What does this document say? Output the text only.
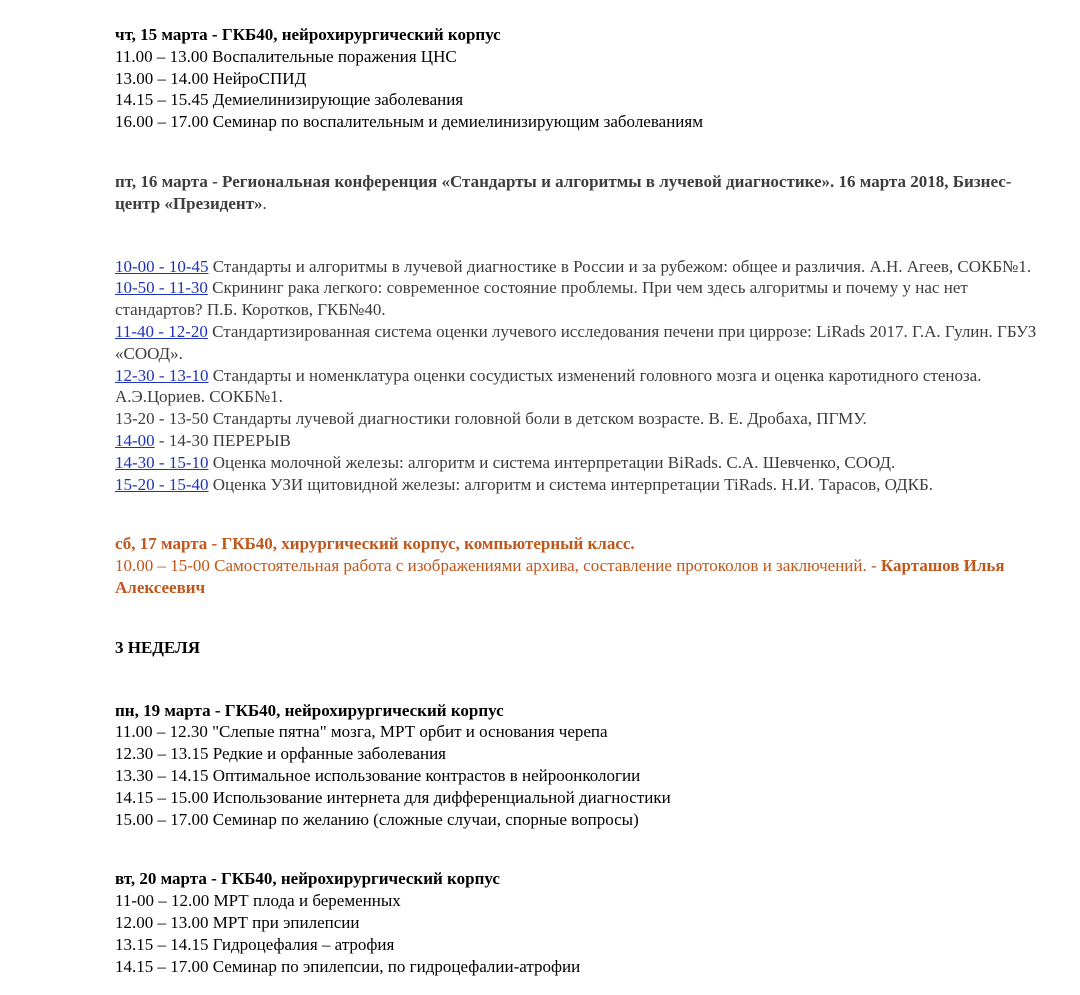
чт, 15 марта - ГКБ40, нейрохирургический корпус
11.00 – 13.00 Воспалительные поражения ЦНС
13.00 – 14.00 НейроСПИД
14.15 – 15.45 Демиелинизирующие заболевания
16.00 – 17.00 Семинар по воспалительным и демиелинизирующим заболеваниям
пт, 16 марта - Региональная конференция «Стандарты и алгоритмы в лучевой диагностике». 16 марта 2018, Бизнес-центр «Президент».
10-00 - 10-45 Стандарты и алгоритмы в лучевой диагностике в России и за рубежом: общее и различия. А.Н. Агеев, СОКБ№1.
10-50 - 11-30 Скрининг рака легкого: современное состояние проблемы. При чем здесь алгоритмы и почему у нас нет стандартов? П.Б. Коротков, ГКБ№40.
11-40 - 12-20 Стандартизированная система оценки лучевого исследования печени при циррозе: LiRads 2017. Г.А. Гулин. ГБУЗ «СООД».
12-30 - 13-10 Стандарты и номенклатура оценки сосудистых изменений головного мозга и оценка каротидного стеноза. А.Э.Цориев. СОКБ№1.
13-20 - 13-50 Стандарты лучевой диагностики головной боли в детском возрасте. В. Е. Дробаха, ПГМУ.
14-00 - 14-30 ПЕРЕРЫВ
14-30 - 15-10 Оценка молочной железы: алгоритм и система интерпретации BiRads. С.А. Шевченко, СООД.
15-20 - 15-40 Оценка УЗИ щитовидной железы: алгоритм и система интерпретации TiRads. Н.И. Тарасов, ОДКБ.
сб, 17 марта - ГКБ40, хирургический корпус, компьютерный класс.
10.00 – 15-00 Самостоятельная работа с изображениями архива, составление протоколов и заключений. - Карташов Илья Алексеевич
3 НЕДЕЛЯ
пн, 19 марта - ГКБ40, нейрохирургический корпус
11.00 – 12.30 "Слепые пятна" мозга, МРТ орбит и основания черепа
12.30 – 13.15 Редкие и орфанные заболевания
13.30 – 14.15 Оптимальное использование контрастов в нейроонкологии
14.15 – 15.00 Использование интернета для дифференциальной диагностики
15.00 – 17.00 Семинар по желанию (сложные случаи, спорные вопросы)
вт, 20 марта - ГКБ40, нейрохирургический корпус
11-00 – 12.00 МРТ плода и беременных
12.00 – 13.00 МРТ при эпилепсии
13.15 – 14.15 Гидроцефалия – атрофия
14.15 – 17.00 Семинар по эпилепсии, по гидроцефалии-атрофии
